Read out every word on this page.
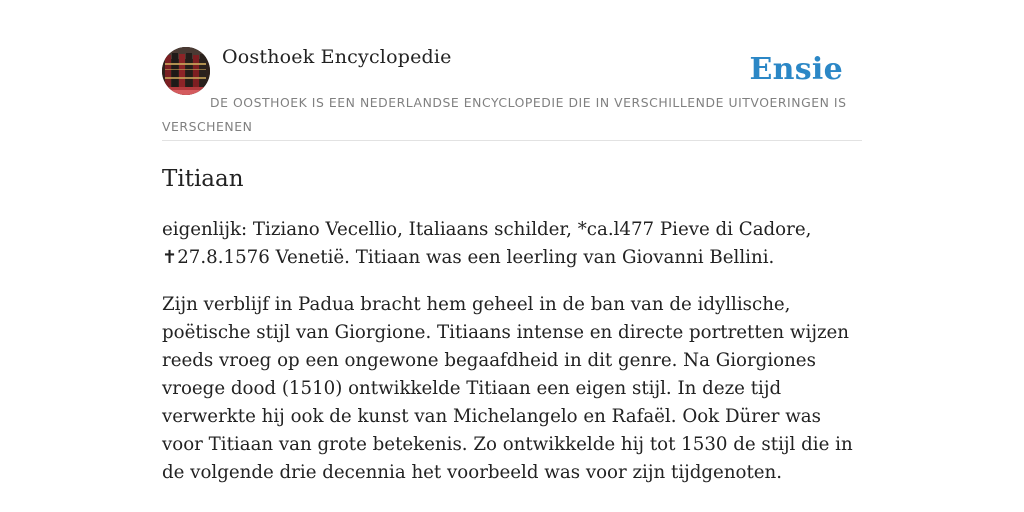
Oosthoek Encyclopedie	Ensie
DE OOSTHOEK IS EEN NEDERLANDSE ENCYCLOPEDIE DIE IN VERSCHILLENDE UITVOERINGEN IS VERSCHENEN
Titiaan

eigenlijk: Tiziano Vecellio, Italiaans schilder, *ca.l477 Pieve di Cadore, ✝27.8.1576 Venetië. Titiaan was een leerling van Giovanni Bellini.

Zijn verblijf in Padua bracht hem geheel in de ban van de idyllische, poëtische stijl van Giorgione. Titiaans intense en directe portretten wijzen reeds vroeg op een ongewone begaafdheid in dit genre. Na Giorgiones vroege dood (1510) ontwikkelde Titiaan een eigen stijl. In deze tijd verwerkte hij ook de kunst van Michelangelo en Rafaël. Ook Dürer was voor Titiaan van grote betekenis. Zo ontwikkelde hij tot 1530 de stijl die in de volgende drie decennia het voorbeeld was voor zijn tijdgenoten.
